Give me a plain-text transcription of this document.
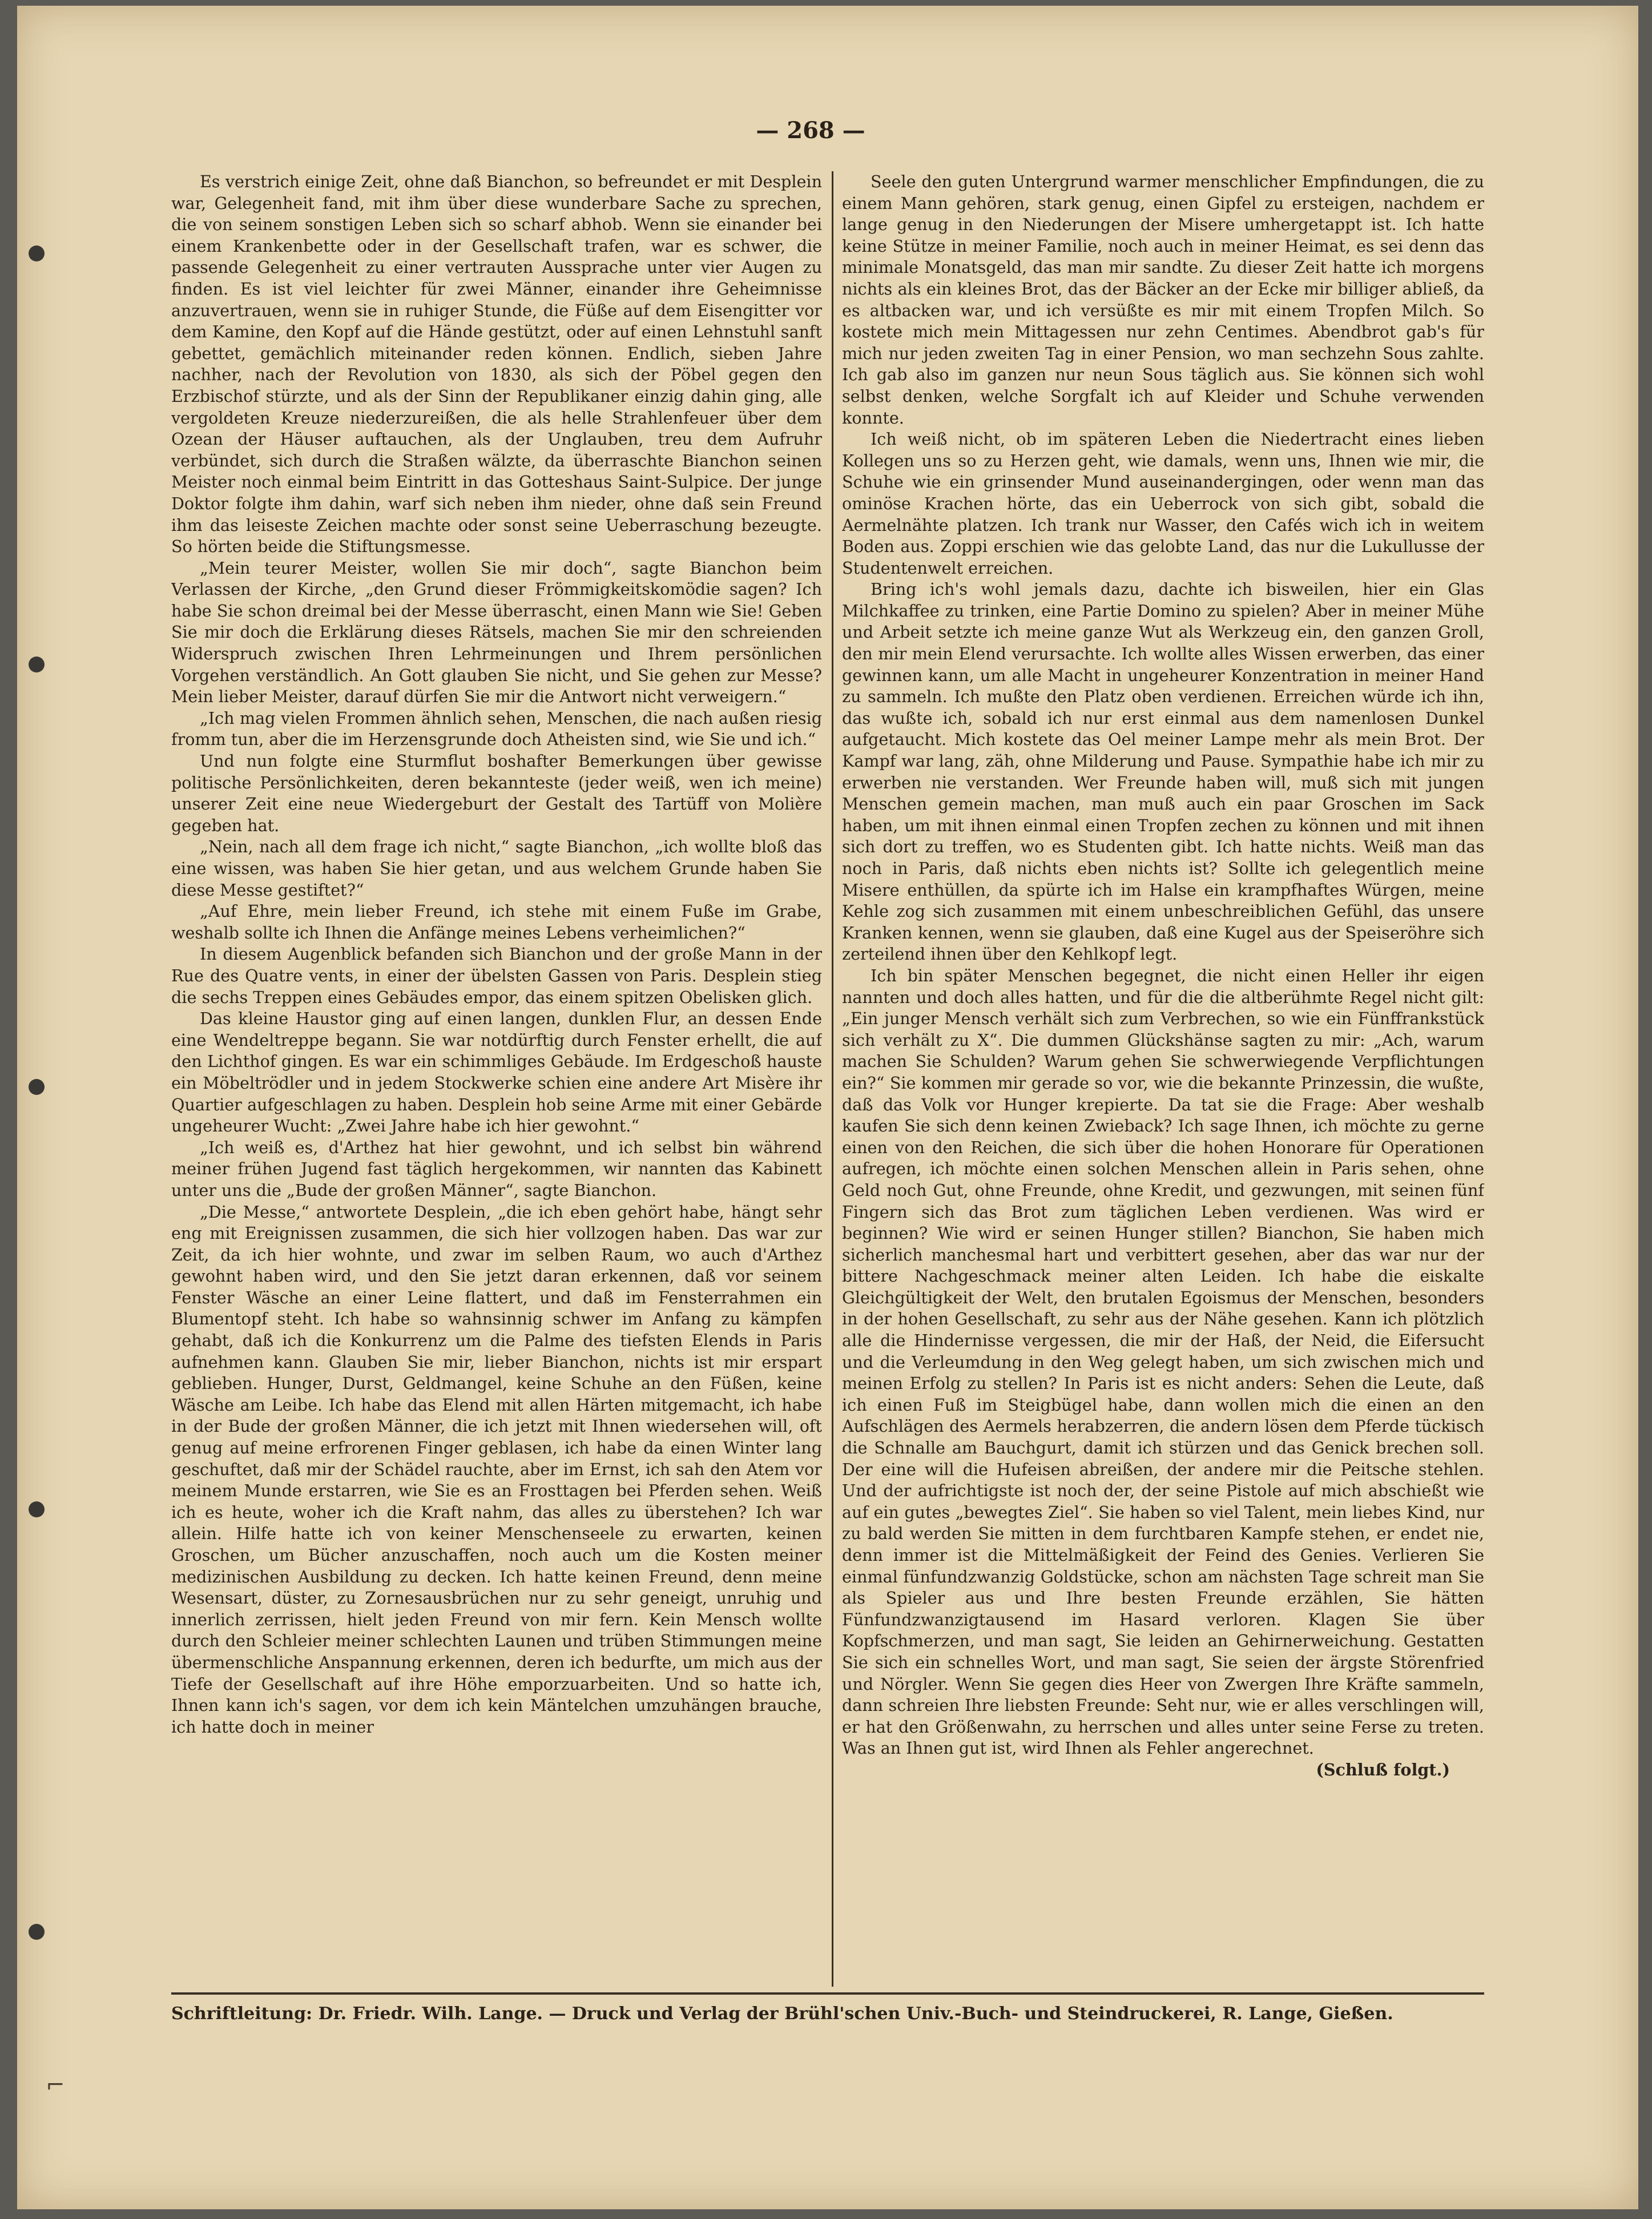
— 268 —

Es verstrich einige Zeit, ohne daß Bianchon, so befreundet er mit Desplein war, Gelegenheit fand, mit ihm über diese wunderbare Sache zu sprechen, die von seinem sonstigen Leben sich so scharf abhob. Wenn sie einander bei einem Krankenbette oder in der Gesellschaft trafen, war es schwer, die passende Gelegenheit zu einer vertrauten Aussprache unter vier Augen zu finden. Es ist viel leichter für zwei Männer, einander ihre Geheimnisse anzuvertrauen, wenn sie in ruhiger Stunde, die Füße auf dem Eisengitter vor dem Kamine, den Kopf auf die Hände gestützt, oder auf einen Lehnstuhl sanft gebettet, gemächlich miteinander reden können. Endlich, sieben Jahre nachher, nach der Revolution von 1830, als sich der Pöbel gegen den Erzbischof stürzte, und als der Sinn der Republikaner einzig dahin ging, alle vergoldeten Kreuze niederzureißen, die als helle Strahlenfeuer über dem Ozean der Häuser auftauchen, als der Unglauben, treu dem Aufruhr verbündet, sich durch die Straßen wälzte, da überraschte Bianchon seinen Meister noch einmal beim Eintritt in das Gotteshaus Saint-Sulpice. Der junge Doktor folgte ihm dahin, warf sich neben ihm nieder, ohne daß sein Freund ihm das leiseste Zeichen machte oder sonst seine Ueberraschung bezeugte. So hörten beide die Stiftungsmesse.

„Mein teurer Meister, wollen Sie mir doch“, sagte Bianchon beim Verlassen der Kirche, „den Grund dieser Frömmigkeitskomödie sagen? Ich habe Sie schon dreimal bei der Messe überrascht, einen Mann wie Sie! Geben Sie mir doch die Erklärung dieses Rätsels, machen Sie mir den schreienden Widerspruch zwischen Ihren Lehrmeinungen und Ihrem persönlichen Vorgehen verständlich. An Gott glauben Sie nicht, und Sie gehen zur Messe? Mein lieber Meister, darauf dürfen Sie mir die Antwort nicht verweigern.“

„Ich mag vielen Frommen ähnlich sehen, Menschen, die nach außen riesig fromm tun, aber die im Herzensgrunde doch Atheisten sind, wie Sie und ich.“

Und nun folgte eine Sturmflut boshafter Bemerkungen über gewisse politische Persönlichkeiten, deren bekannteste (jeder weiß, wen ich meine) unserer Zeit eine neue Wiedergeburt der Gestalt des Tartüff von Molière gegeben hat.

„Nein, nach all dem frage ich nicht,“ sagte Bianchon, „ich wollte bloß das eine wissen, was haben Sie hier getan, und aus welchem Grunde haben Sie diese Messe gestiftet?“

„Auf Ehre, mein lieber Freund, ich stehe mit einem Fuße im Grabe, weshalb sollte ich Ihnen die Anfänge meines Lebens verheimlichen?“

In diesem Augenblick befanden sich Bianchon und der große Mann in der Rue des Quatre vents, in einer der übelsten Gassen von Paris. Desplein stieg die sechs Treppen eines Gebäudes empor, das einem spitzen Obelisken glich.

Das kleine Haustor ging auf einen langen, dunklen Flur, an dessen Ende eine Wendeltreppe begann. Sie war notdürftig durch Fenster erhellt, die auf den Lichthof gingen. Es war ein schimmliges Gebäude. Im Erdgeschoß hauste ein Möbeltrödler und in jedem Stockwerke schien eine andere Art Misère ihr Quartier aufgeschlagen zu haben. Desplein hob seine Arme mit einer Gebärde ungeheurer Wucht: „Zwei Jahre habe ich hier gewohnt.“

„Ich weiß es, d'Arthez hat hier gewohnt, und ich selbst bin während meiner frühen Jugend fast täglich hergekommen, wir nannten das Kabinett unter uns die „Bude der großen Männer“, sagte Bianchon.

„Die Messe,“ antwortete Desplein, „die ich eben gehört habe, hängt sehr eng mit Ereignissen zusammen, die sich hier vollzogen haben. Das war zur Zeit, da ich hier wohnte, und zwar im selben Raum, wo auch d'Arthez gewohnt haben wird, und den Sie jetzt daran erkennen, daß vor seinem Fenster Wäsche an einer Leine flattert, und daß im Fensterrahmen ein Blumentopf steht. Ich habe so wahnsinnig schwer im Anfang zu kämpfen gehabt, daß ich die Konkurrenz um die Palme des tiefsten Elends in Paris aufnehmen kann. Glauben Sie mir, lieber Bianchon, nichts ist mir erspart geblieben. Hunger, Durst, Geldmangel, keine Schuhe an den Füßen, keine Wäsche am Leibe. Ich habe das Elend mit allen Härten mitgemacht, ich habe in der Bude der großen Männer, die ich jetzt mit Ihnen wiedersehen will, oft genug auf meine erfrorenen Finger geblasen, ich habe da einen Winter lang geschuftet, daß mir der Schädel rauchte, aber im Ernst, ich sah den Atem vor meinem Munde erstarren, wie Sie es an Frosttagen bei Pferden sehen. Weiß ich es heute, woher ich die Kraft nahm, das alles zu überstehen? Ich war allein. Hilfe hatte ich von keiner Menschenseele zu erwarten, keinen Groschen, um Bücher anzuschaffen, noch auch um die Kosten meiner medizinischen Ausbildung zu decken. Ich hatte keinen Freund, denn meine Wesensart, düster, zu Zornesausbrüchen nur zu sehr geneigt, unruhig und innerlich zerrissen, hielt jeden Freund von mir fern. Kein Mensch wollte durch den Schleier meiner schlechten Launen und trüben Stimmungen meine übermenschliche Anspannung erkennen, deren ich bedurfte, um mich aus der Tiefe der Gesellschaft auf ihre Höhe emporzuarbeiten. Und so hatte ich, Ihnen kann ich's sagen, vor dem ich kein Mäntelchen umzuhängen brauche, ich hatte doch in meiner

Seele den guten Untergrund warmer menschlicher Empfindungen, die zu einem Mann gehören, stark genug, einen Gipfel zu ersteigen, nachdem er lange genug in den Niederungen der Misere umhergetappt ist. Ich hatte keine Stütze in meiner Familie, noch auch in meiner Heimat, es sei denn das minimale Monatsgeld, das man mir sandte. Zu dieser Zeit hatte ich morgens nichts als ein kleines Brot, das der Bäcker an der Ecke mir billiger abließ, da es altbacken war, und ich versüßte es mir mit einem Tropfen Milch. So kostete mich mein Mittagessen nur zehn Centimes. Abendbrot gab's für mich nur jeden zweiten Tag in einer Pension, wo man sechzehn Sous zahlte. Ich gab also im ganzen nur neun Sous täglich aus. Sie können sich wohl selbst denken, welche Sorgfalt ich auf Kleider und Schuhe verwenden konnte.

Ich weiß nicht, ob im späteren Leben die Niedertracht eines lieben Kollegen uns so zu Herzen geht, wie damals, wenn uns, Ihnen wie mir, die Schuhe wie ein grinsender Mund auseinandergingen, oder wenn man das ominöse Krachen hörte, das ein Ueberrock von sich gibt, sobald die Aermelnähte platzen. Ich trank nur Wasser, den Cafés wich ich in weitem Boden aus. Zoppi erschien wie das gelobte Land, das nur die Lukullusse der Studentenwelt erreichen.

Bring ich's wohl jemals dazu, dachte ich bisweilen, hier ein Glas Milchkaffee zu trinken, eine Partie Domino zu spielen? Aber in meiner Mühe und Arbeit setzte ich meine ganze Wut als Werkzeug ein, den ganzen Groll, den mir mein Elend verursachte. Ich wollte alles Wissen erwerben, das einer gewinnen kann, um alle Macht in ungeheurer Konzentration in meiner Hand zu sammeln. Ich mußte den Platz oben verdienen. Erreichen würde ich ihn, das wußte ich, sobald ich nur erst einmal aus dem namenlosen Dunkel aufgetaucht. Mich kostete das Oel meiner Lampe mehr als mein Brot. Der Kampf war lang, zäh, ohne Milderung und Pause. Sympathie habe ich mir zu erwerben nie verstanden. Wer Freunde haben will, muß sich mit jungen Menschen gemein machen, man muß auch ein paar Groschen im Sack haben, um mit ihnen einmal einen Tropfen zechen zu können und mit ihnen sich dort zu treffen, wo es Studenten gibt. Ich hatte nichts. Weiß man das noch in Paris, daß nichts eben nichts ist? Sollte ich gelegentlich meine Misere enthüllen, da spürte ich im Halse ein krampfhaftes Würgen, meine Kehle zog sich zusammen mit einem unbeschreiblichen Gefühl, das unsere Kranken kennen, wenn sie glauben, daß eine Kugel aus der Speiseröhre sich zerteilend ihnen über den Kehlkopf legt.

Ich bin später Menschen begegnet, die nicht einen Heller ihr eigen nannten und doch alles hatten, und für die die altberühmte Regel nicht gilt: „Ein junger Mensch verhält sich zum Verbrechen, so wie ein Fünffrankstück sich verhält zu X“. Die dummen Glückshänse sagten zu mir: „Ach, warum machen Sie Schulden? Warum gehen Sie schwerwiegende Verpflichtungen ein?“ Sie kommen mir gerade so vor, wie die bekannte Prinzessin, die wußte, daß das Volk vor Hunger krepierte. Da tat sie die Frage: Aber weshalb kaufen Sie sich denn keinen Zwieback? Ich sage Ihnen, ich möchte zu gerne einen von den Reichen, die sich über die hohen Honorare für Operationen aufregen, ich möchte einen solchen Menschen allein in Paris sehen, ohne Geld noch Gut, ohne Freunde, ohne Kredit, und gezwungen, mit seinen fünf Fingern sich das Brot zum täglichen Leben verdienen. Was wird er beginnen? Wie wird er seinen Hunger stillen? Bianchon, Sie haben mich sicherlich manchesmal hart und verbittert gesehen, aber das war nur der bittere Nachgeschmack meiner alten Leiden. Ich habe die eiskalte Gleichgültigkeit der Welt, den brutalen Egoismus der Menschen, besonders in der hohen Gesellschaft, zu sehr aus der Nähe gesehen. Kann ich plötzlich alle die Hindernisse vergessen, die mir der Haß, der Neid, die Eifersucht und die Verleumdung in den Weg gelegt haben, um sich zwischen mich und meinen Erfolg zu stellen? In Paris ist es nicht anders: Sehen die Leute, daß ich einen Fuß im Steigbügel habe, dann wollen mich die einen an den Aufschlägen des Aermels herabzerren, die andern lösen dem Pferde tückisch die Schnalle am Bauchgurt, damit ich stürzen und das Genick brechen soll. Der eine will die Hufeisen abreißen, der andere mir die Peitsche stehlen. Und der aufrichtigste ist noch der, der seine Pistole auf mich abschießt wie auf ein gutes „bewegtes Ziel“. Sie haben so viel Talent, mein liebes Kind, nur zu bald werden Sie mitten in dem furchtbaren Kampfe stehen, er endet nie, denn immer ist die Mittelmäßigkeit der Feind des Genies. Verlieren Sie einmal fünfundzwanzig Goldstücke, schon am nächsten Tage schreit man Sie als Spieler aus und Ihre besten Freunde erzählen, Sie hätten Fünfundzwanzigtausend im Hasard verloren. Klagen Sie über Kopfschmerzen, und man sagt, Sie leiden an Gehirnerweichung. Gestatten Sie sich ein schnelles Wort, und man sagt, Sie seien der ärgste Störenfried und Nörgler. Wenn Sie gegen dies Heer von Zwergen Ihre Kräfte sammeln, dann schreien Ihre liebsten Freunde: Seht nur, wie er alles verschlingen will, er hat den Größenwahn, zu herrschen und alles unter seine Ferse zu treten. Was an Ihnen gut ist, wird Ihnen als Fehler angerechnet.

(Schluß folgt.)

Schriftleitung: Dr. Friedr. Wilh. Lange. — Druck und Verlag der Brühl'schen Univ.-Buch- und Steindruckerei, R. Lange, Gießen.
⌐
